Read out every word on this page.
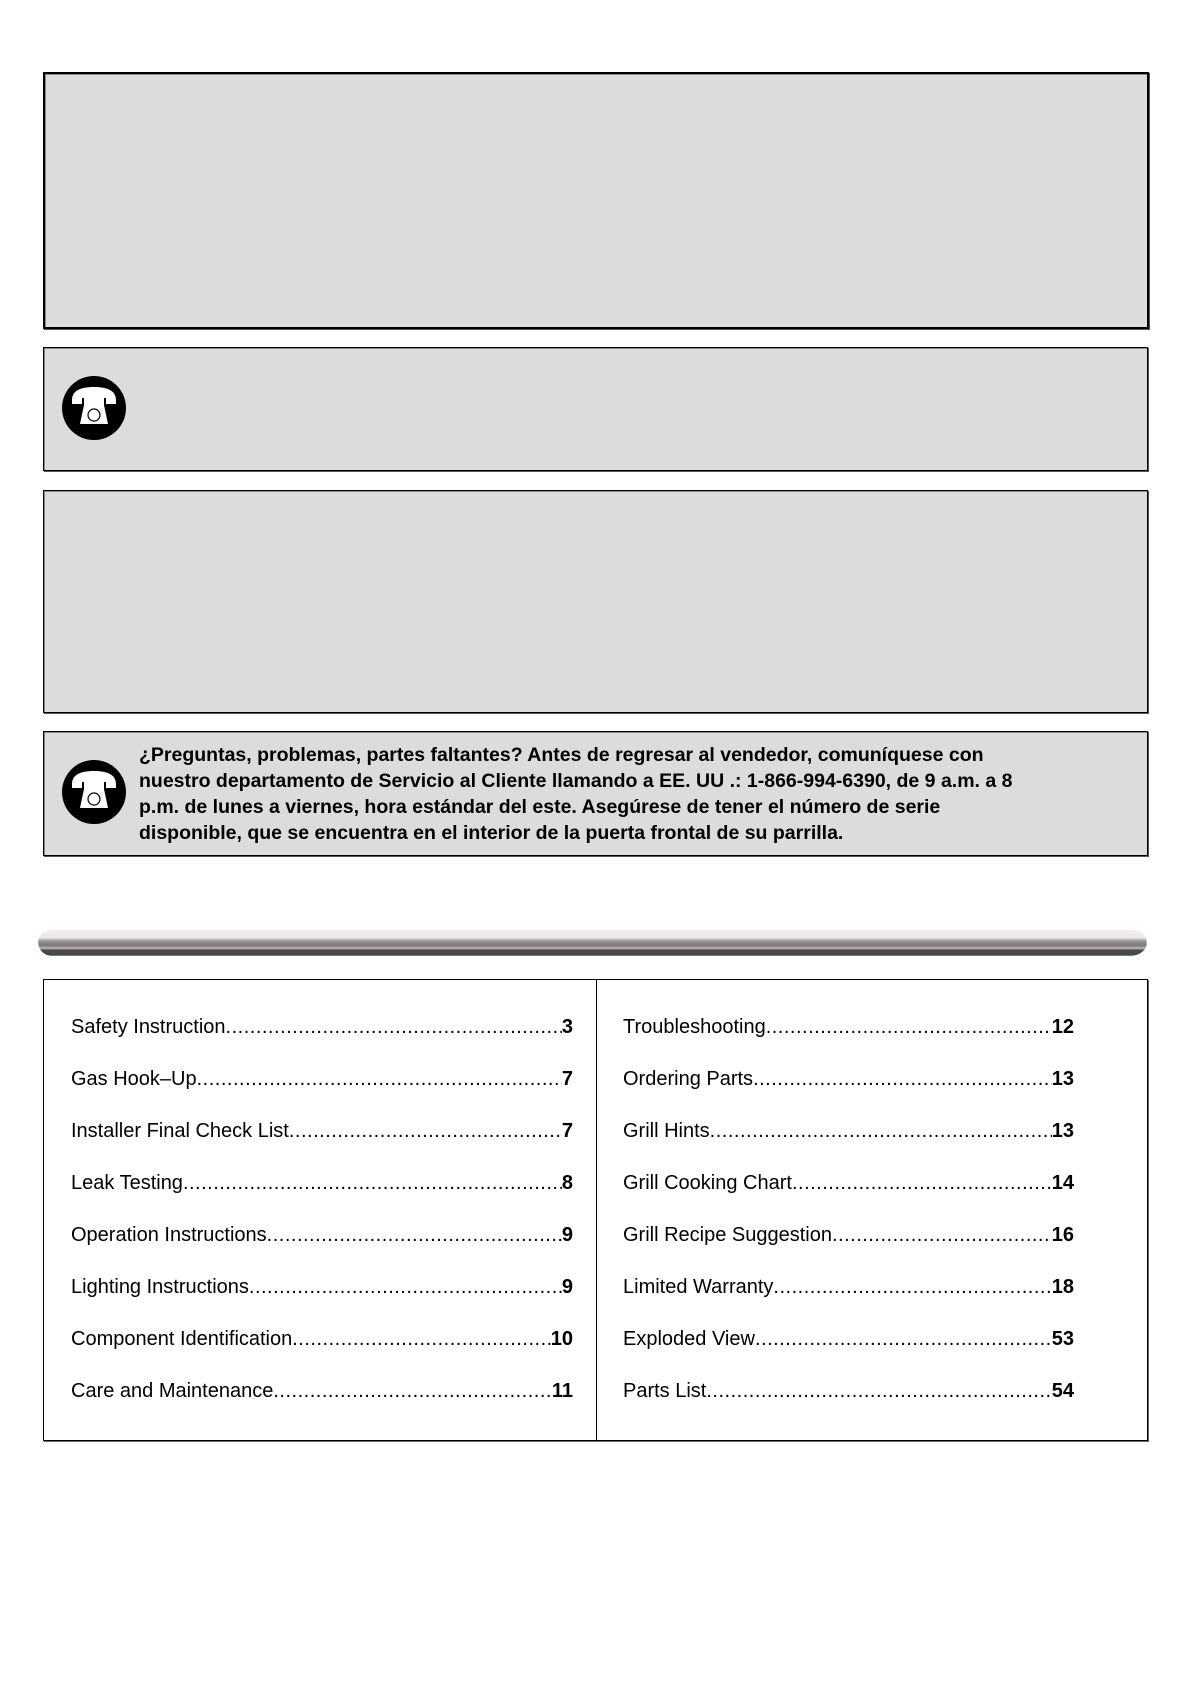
¿Preguntas, problemas, partes faltantes? Antes de regresar al vendedor, comuníquese con
nuestro departamento de Servicio al Cliente llamando a EE. UU .: 1-866-994-6390, de 9 a.m. a 8
p.m. de lunes a viernes, hora estándar del este. Asegúrese de tener el número de serie
disponible, que se encuentra en el interior de la puerta frontal de su parrilla.

Safety Instruction .....	3
Gas Hook–Up .....	7
Installer Final Check List .....	7
Leak Testing .....	8
Operation Instructions .....	9
Lighting Instructions .....	9
Component Identification .....	10
Care and Maintenance .....	11
Troubleshooting .....	12
Ordering Parts .....	13
Grill Hints .....	13
Grill Cooking Chart .....	14
Grill Recipe Suggestion .....	16
Limited Warranty .....	18
Exploded View .....	53
Parts List .....	54
